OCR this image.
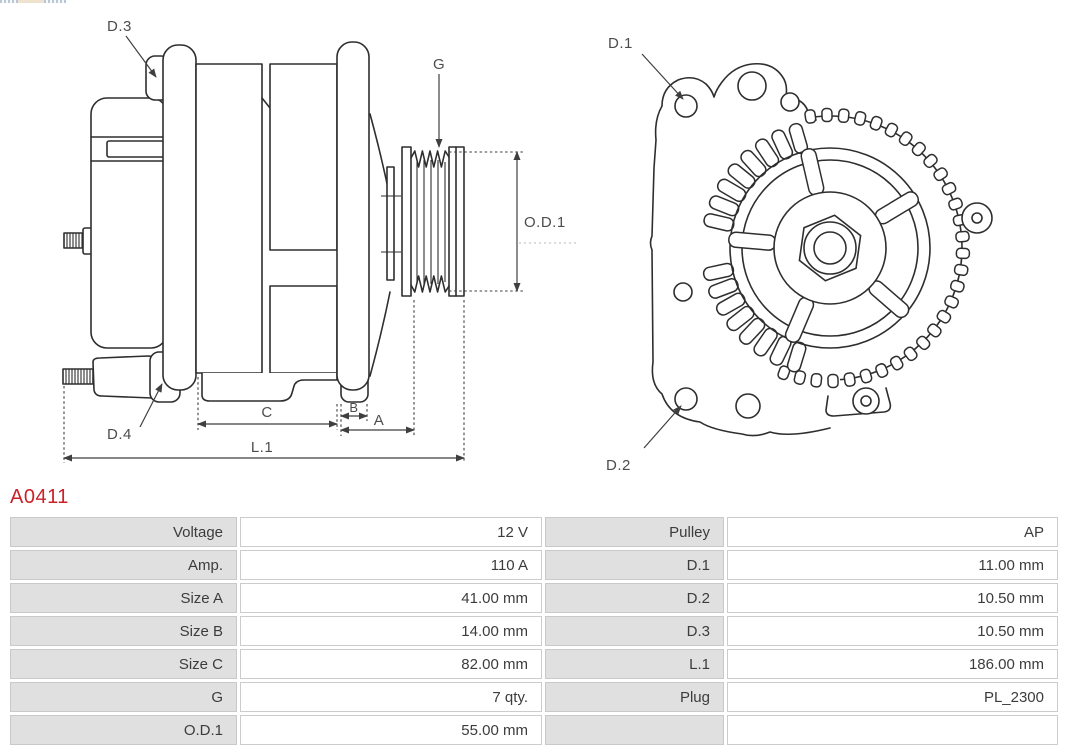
D.3
G
O.D.1
D.4
C	B
A
L.1
D.1
D.2
A0411
Voltage	12 V	Pulley	AP
Amp.	110 A	D.1	11.00 mm
Size A	41.00 mm	D.2	10.50 mm
Size B	14.00 mm	D.3	10.50 mm
Size C	82.00 mm	L.1	186.00 mm
G	7 qty.	Plug	PL_2300
O.D.1	55.00 mm
